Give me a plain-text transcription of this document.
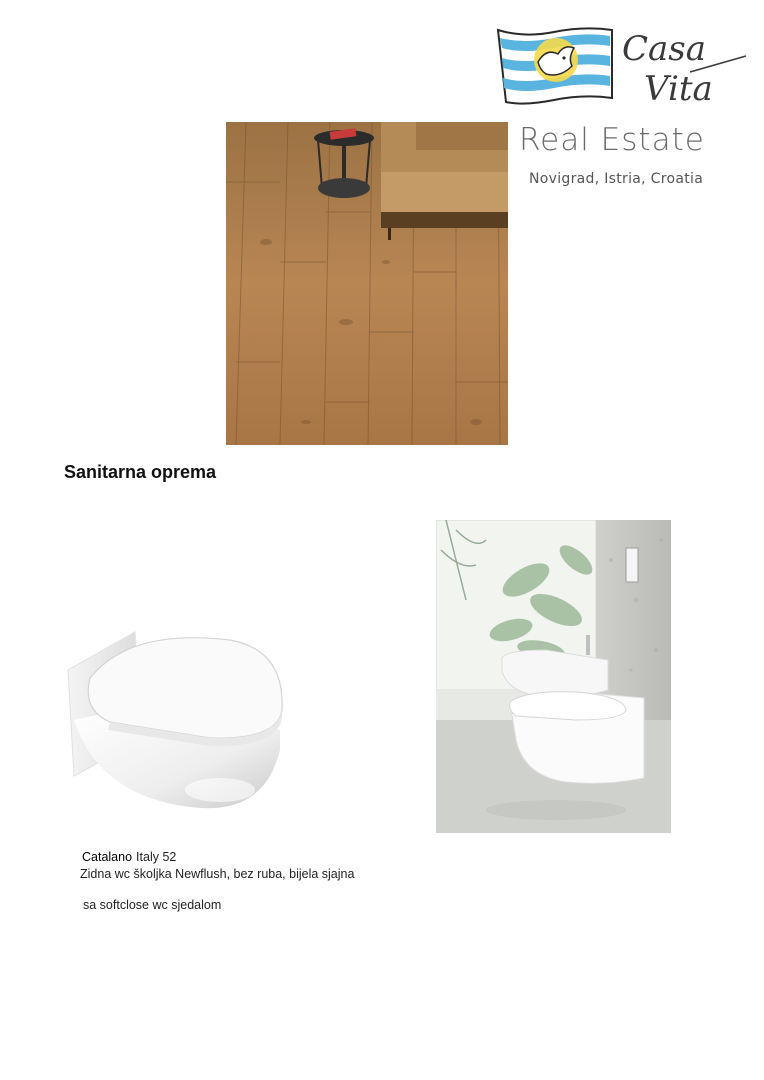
Casa
Vita
Real Estate
Novigrad, Istria, Croatia
Sanitarna oprema
Catalano Italy 52
Zidna wc školjka Newflush, bez ruba, bijela sjajna
sa softclose wc sjedalom
